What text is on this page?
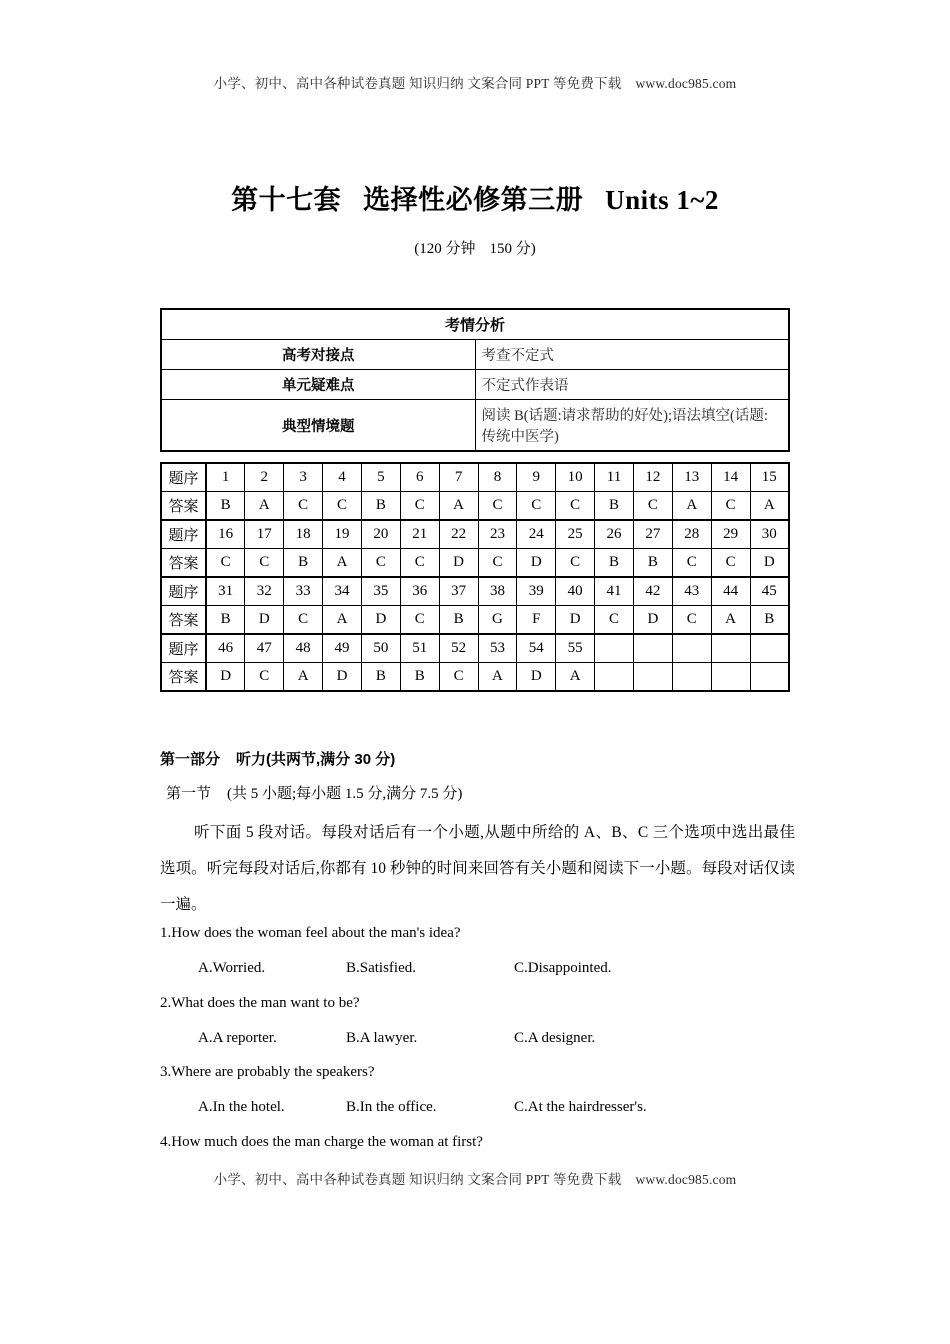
小学、初中、高中各种试卷真题 知识归纳 文案合同 PPT 等免费下载 www.doc985.com
第十七套 选择性必修第三册 Units 1~2
(120 分钟 150 分)
考情分析	
高考对接点	考查不定式
单元疑难点	不定式作表语
典型情境题	阅读 B(话题:请求帮助的好处);语法填空(话题:传统中医学)
题序	1	2	3	4	5	6	7	8	9	10	11	12	13	14	15
答案	B	A	C	C	B	C	A	C	C	C	B	C	A	C	A
题序	16	17	18	19	20	21	22	23	24	25	26	27	28	29	30
答案	C	C	B	A	C	C	D	C	D	C	B	B	C	C	D
题序	31	32	33	34	35	36	37	38	39	40	41	42	43	44	45
答案	B	D	C	A	D	C	B	G	F	D	C	D	C	A	B
题序	46	47	48	49	50	51	52	53	54	55					
答案	D	C	A	D	B	B	C	A	D	A					
第一部分 听力(共两节,满分 30 分)
第一节 (共 5 小题;每小题 1.5 分,满分 7.5 分)
听下面 5 段对话。每段对话后有一个小题,从题中所给的 A、B、C 三个选项中选出最佳选项。听完每段对话后,你都有 10 秒钟的时间来回答有关小题和阅读下一小题。每段对话仅读一遍。
1.How does the woman feel about the man's idea?
A.Worried.	B.Satisfied.	C.Disappointed.
2.What does the man want to be?
A.A reporter.	B.A lawyer.	C.A designer.
3.Where are probably the speakers?
A.In the hotel.	B.In the office.	C.At the hairdresser's.
4.How much does the man charge the woman at first?
小学、初中、高中各种试卷真题 知识归纳 文案合同 PPT 等免费下载 www.doc985.com
